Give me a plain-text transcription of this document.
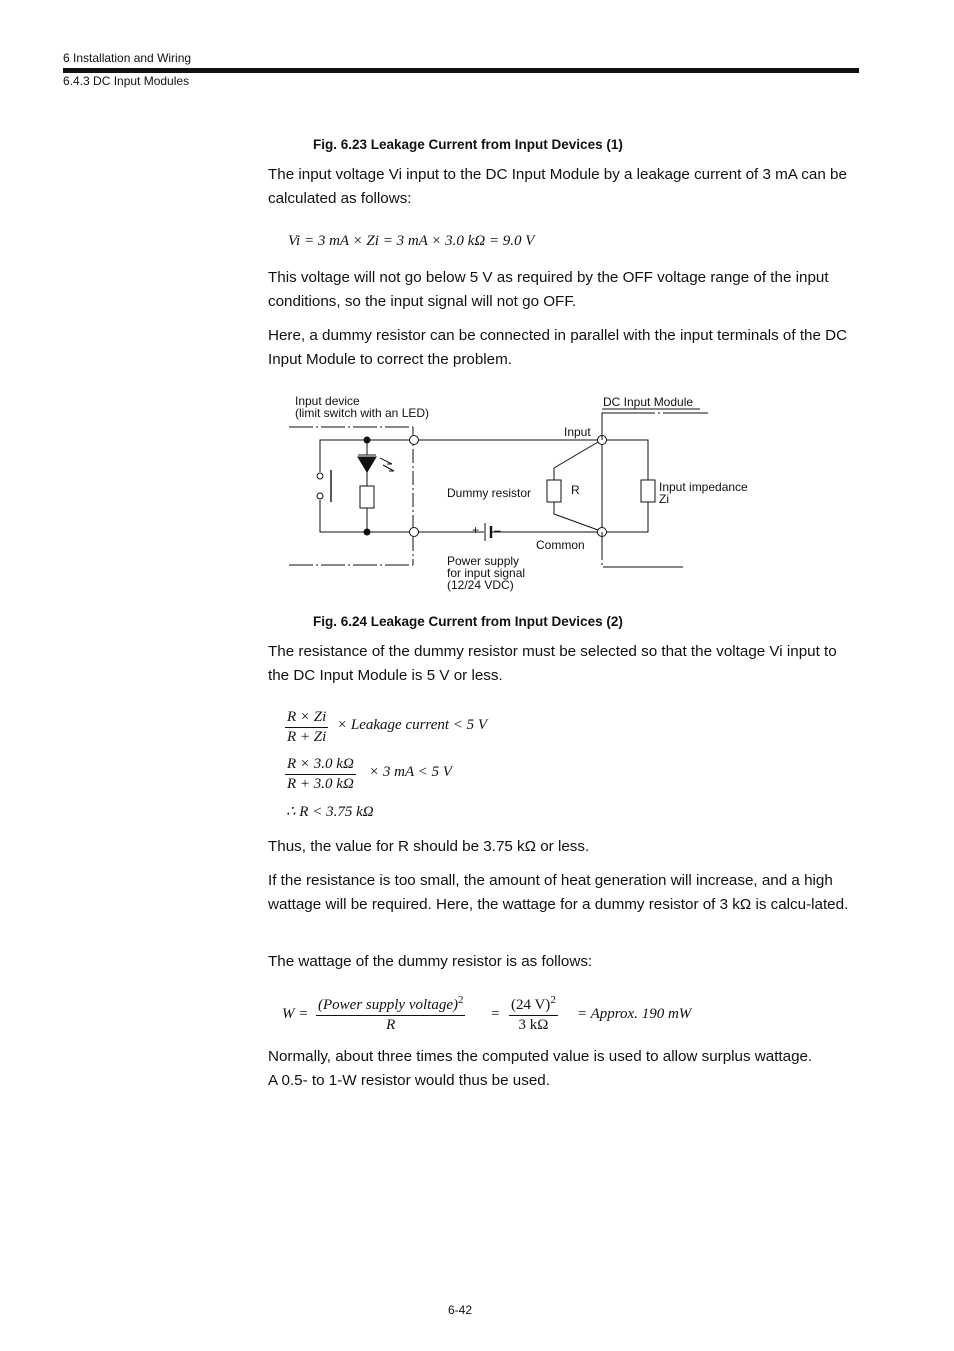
6 Installation and Wiring
6.4.3 DC Input Modules
Fig. 6.23 Leakage Current from Input Devices (1)

The input voltage Vi input to the DC Input Module by a leakage current of 3 mA can be calculated as follows:

Vi = 3 mA × Zi = 3 mA × 3.0 kΩ = 9.0 V

This voltage will not go below 5 V as required by the OFF voltage range of the input conditions, so the input signal will not go OFF.

Here, a dummy resistor can be connected in parallel with the input terminals of the DC Input Module to correct the problem.

Input device
(limit switch with an LED)
DC Input Module
Input
Dummy resistor	R	Input impedance
Zi
Common
+ –
Power supply
for input signal
(12/24 VDC)
Fig. 6.24 Leakage Current from Input Devices (2)

The resistance of the dummy resistor must be selected so that the voltage Vi input to the DC Input Module is 5 V or less.

$\frac{R \times Zi}{R + Zi}$ × Leakage current < 5 V
$\frac{R \times 3.0 k\Omega}{R + 3.0 k\Omega} \times 3$ mA < 5 V
∴ R < 3.75 kΩ

Thus, the value for R should be 3.75 kΩ or less.

If the resistance is too small, the amount of heat generation will increase, and a high wattage will be required. Here, the wattage for a dummy resistor of 3 kΩ is calcu-lated.

The wattage of the dummy resistor is as follows:

W =
(Power supply voltage)$^2$
R
= $\frac{(24 V)^2}{3 k\Omega}$ = Approx. 190 mW

Normally, about three times the computed value is used to allow surplus wattage.

A 0.5- to 1-W resistor would thus be used.

6-42
